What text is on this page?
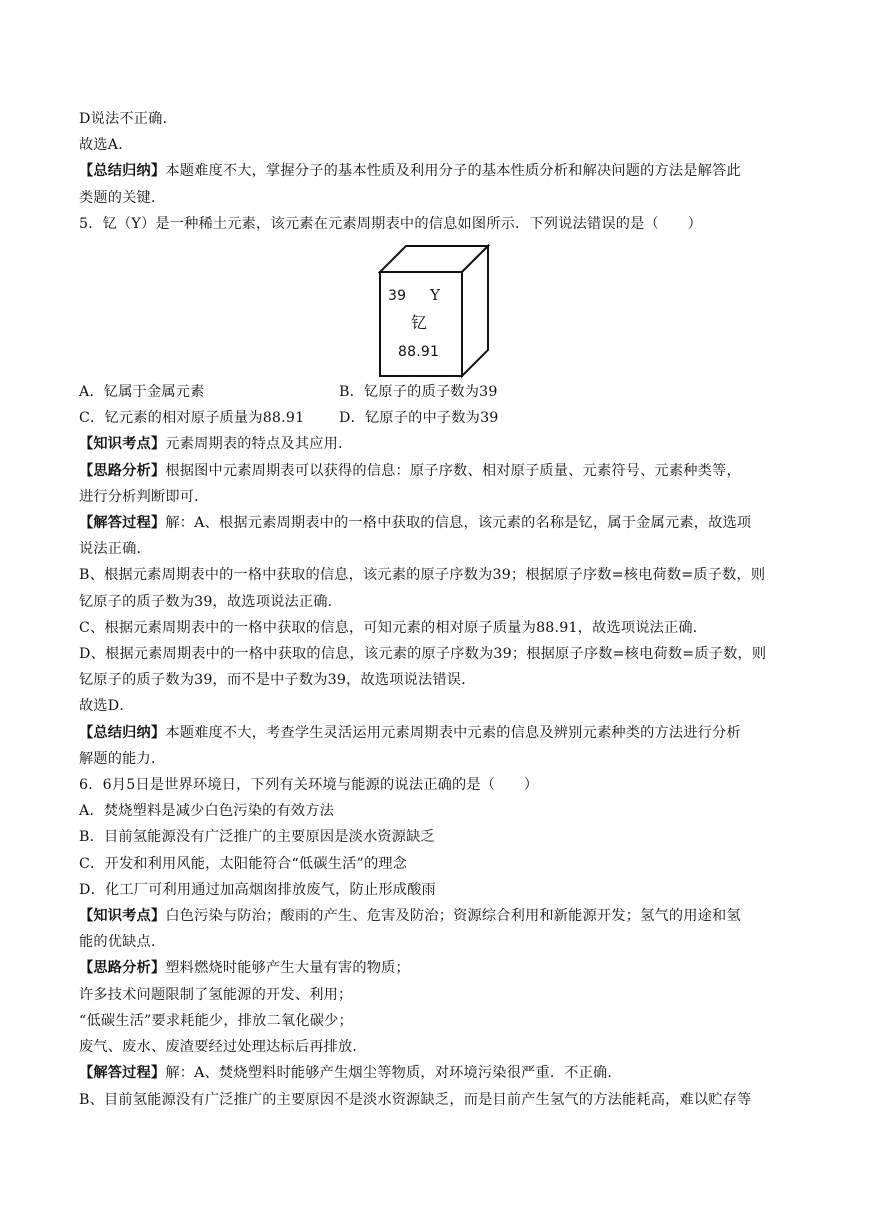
D说法不正确．
故选A．
【总结归纳】本题难度不大，掌握分子的基本性质及利用分子的基本性质分析和解决问题的方法是解答此
类题的关键．
5．钇（Y）是一种稀土元素，该元素在元素周期表中的信息如图所示．下列说法错误的是（　　）
39 Y
钇
88.91
A．钇属于金属元素	B．钇原子的质子数为39
C．钇元素的相对原子质量为88.91 D．钇原子的中子数为39
【知识考点】元素周期表的特点及其应用．
【思路分析】根据图中元素周期表可以获得的信息：原子序数、相对原子质量、元素符号、元素种类等，
进行分析判断即可．
【解答过程】解：A、根据元素周期表中的一格中获取的信息，该元素的名称是钇，属于金属元素，故选项
说法正确．
B、根据元素周期表中的一格中获取的信息，该元素的原子序数为39；根据原子序数=核电荷数=质子数，则
钇原子的质子数为39，故选项说法正确．
C、根据元素周期表中的一格中获取的信息，可知元素的相对原子质量为88.91，故选项说法正确．
D、根据元素周期表中的一格中获取的信息，该元素的原子序数为39；根据原子序数=核电荷数=质子数，则
钇原子的质子数为39，而不是中子数为39，故选项说法错误．
故选D．
【总结归纳】本题难度不大，考查学生灵活运用元素周期表中元素的信息及辨别元素种类的方法进行分析
解题的能力．
6．6月5日是世界环境日，下列有关环境与能源的说法正确的是（　　）
A．焚烧塑料是减少白色污染的有效方法
B．目前氢能源没有广泛推广的主要原因是淡水资源缺乏
C．开发和利用风能，太阳能符合“低碳生活”的理念
D．化工厂可利用通过加高烟囱排放废气，防止形成酸雨
【知识考点】白色污染与防治；酸雨的产生、危害及防治；资源综合利用和新能源开发；氢气的用途和氢
能的优缺点．
【思路分析】塑料燃烧时能够产生大量有害的物质；
许多技术问题限制了氢能源的开发、利用；
“低碳生活”要求耗能少，排放二氧化碳少；
废气、废水、废渣要经过处理达标后再排放．
【解答过程】解：A、焚烧塑料时能够产生烟尘等物质，对环境污染很严重．不正确．
B、目前氢能源没有广泛推广的主要原因不是淡水资源缺乏，而是目前产生氢气的方法能耗高，难以贮存等
